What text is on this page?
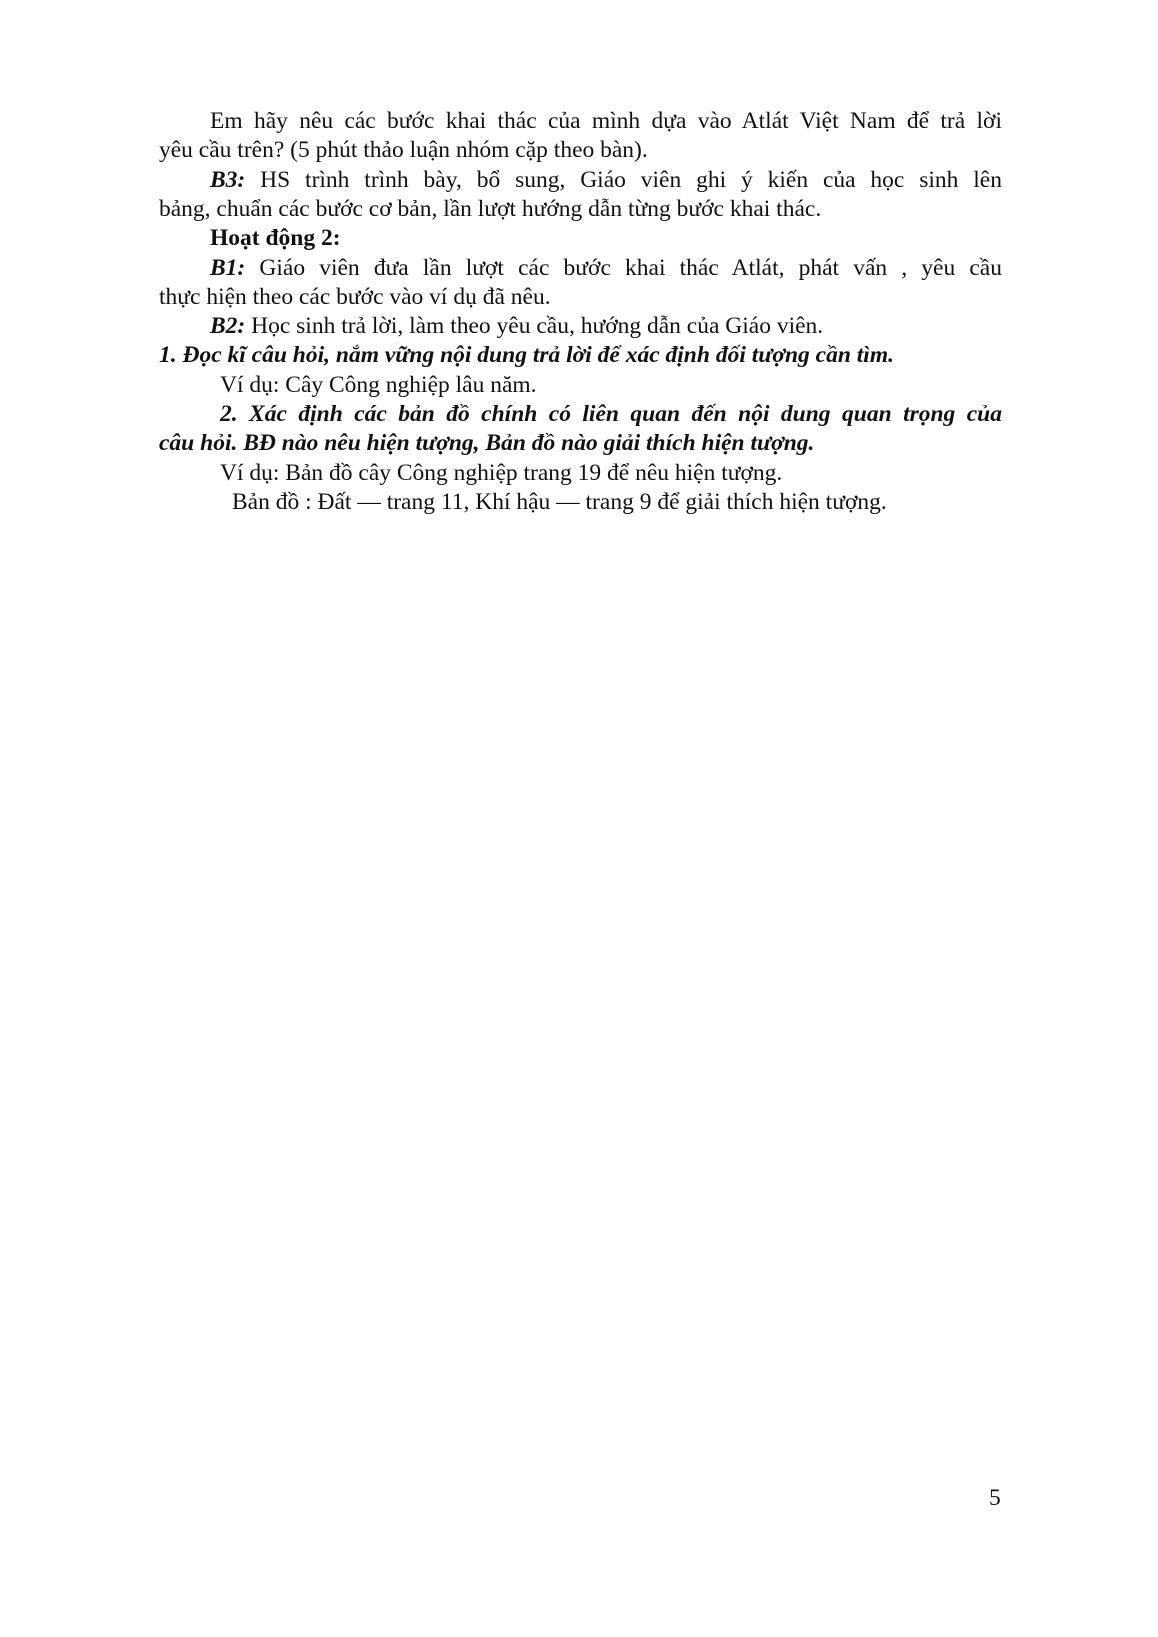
Em hãy nêu các bước khai thác của mình dựa vào Atlát Việt Nam để trả lời
yêu cầu trên? (5 phút thảo luận nhóm cặp theo bàn).
B3: HS trình trình bày, bổ sung, Giáo viên ghi ý kiến của học sinh lên
bảng, chuẩn các bước cơ bản, lần lượt hướng dẫn từng bước khai thác.
Hoạt động 2:
B1: Giáo viên đưa lần lượt các bước khai thác Atlát, phát vấn , yêu cầu
thực hiện theo các bước vào ví dụ đã nêu.
B2: Học sinh trả lời, làm theo yêu cầu, hướng dẫn của Giáo viên.
1. Đọc kĩ câu hỏi, nắm vững nội dung trả lời để xác định đối tượng cần tìm.
Ví dụ: Cây Công nghiệp lâu năm.
2. Xác định các bản đồ chính có liên quan đến nội dung quan trọng của
câu hỏi. BĐ nào nêu hiện tượng, Bản đồ nào giải thích hiện tượng.
Ví dụ: Bản đồ cây Công nghiệp trang 19 để nêu hiện tượng.
Bản đồ : Đất — trang 11, Khí hậu — trang 9 để giải thích hiện tượng.
5
